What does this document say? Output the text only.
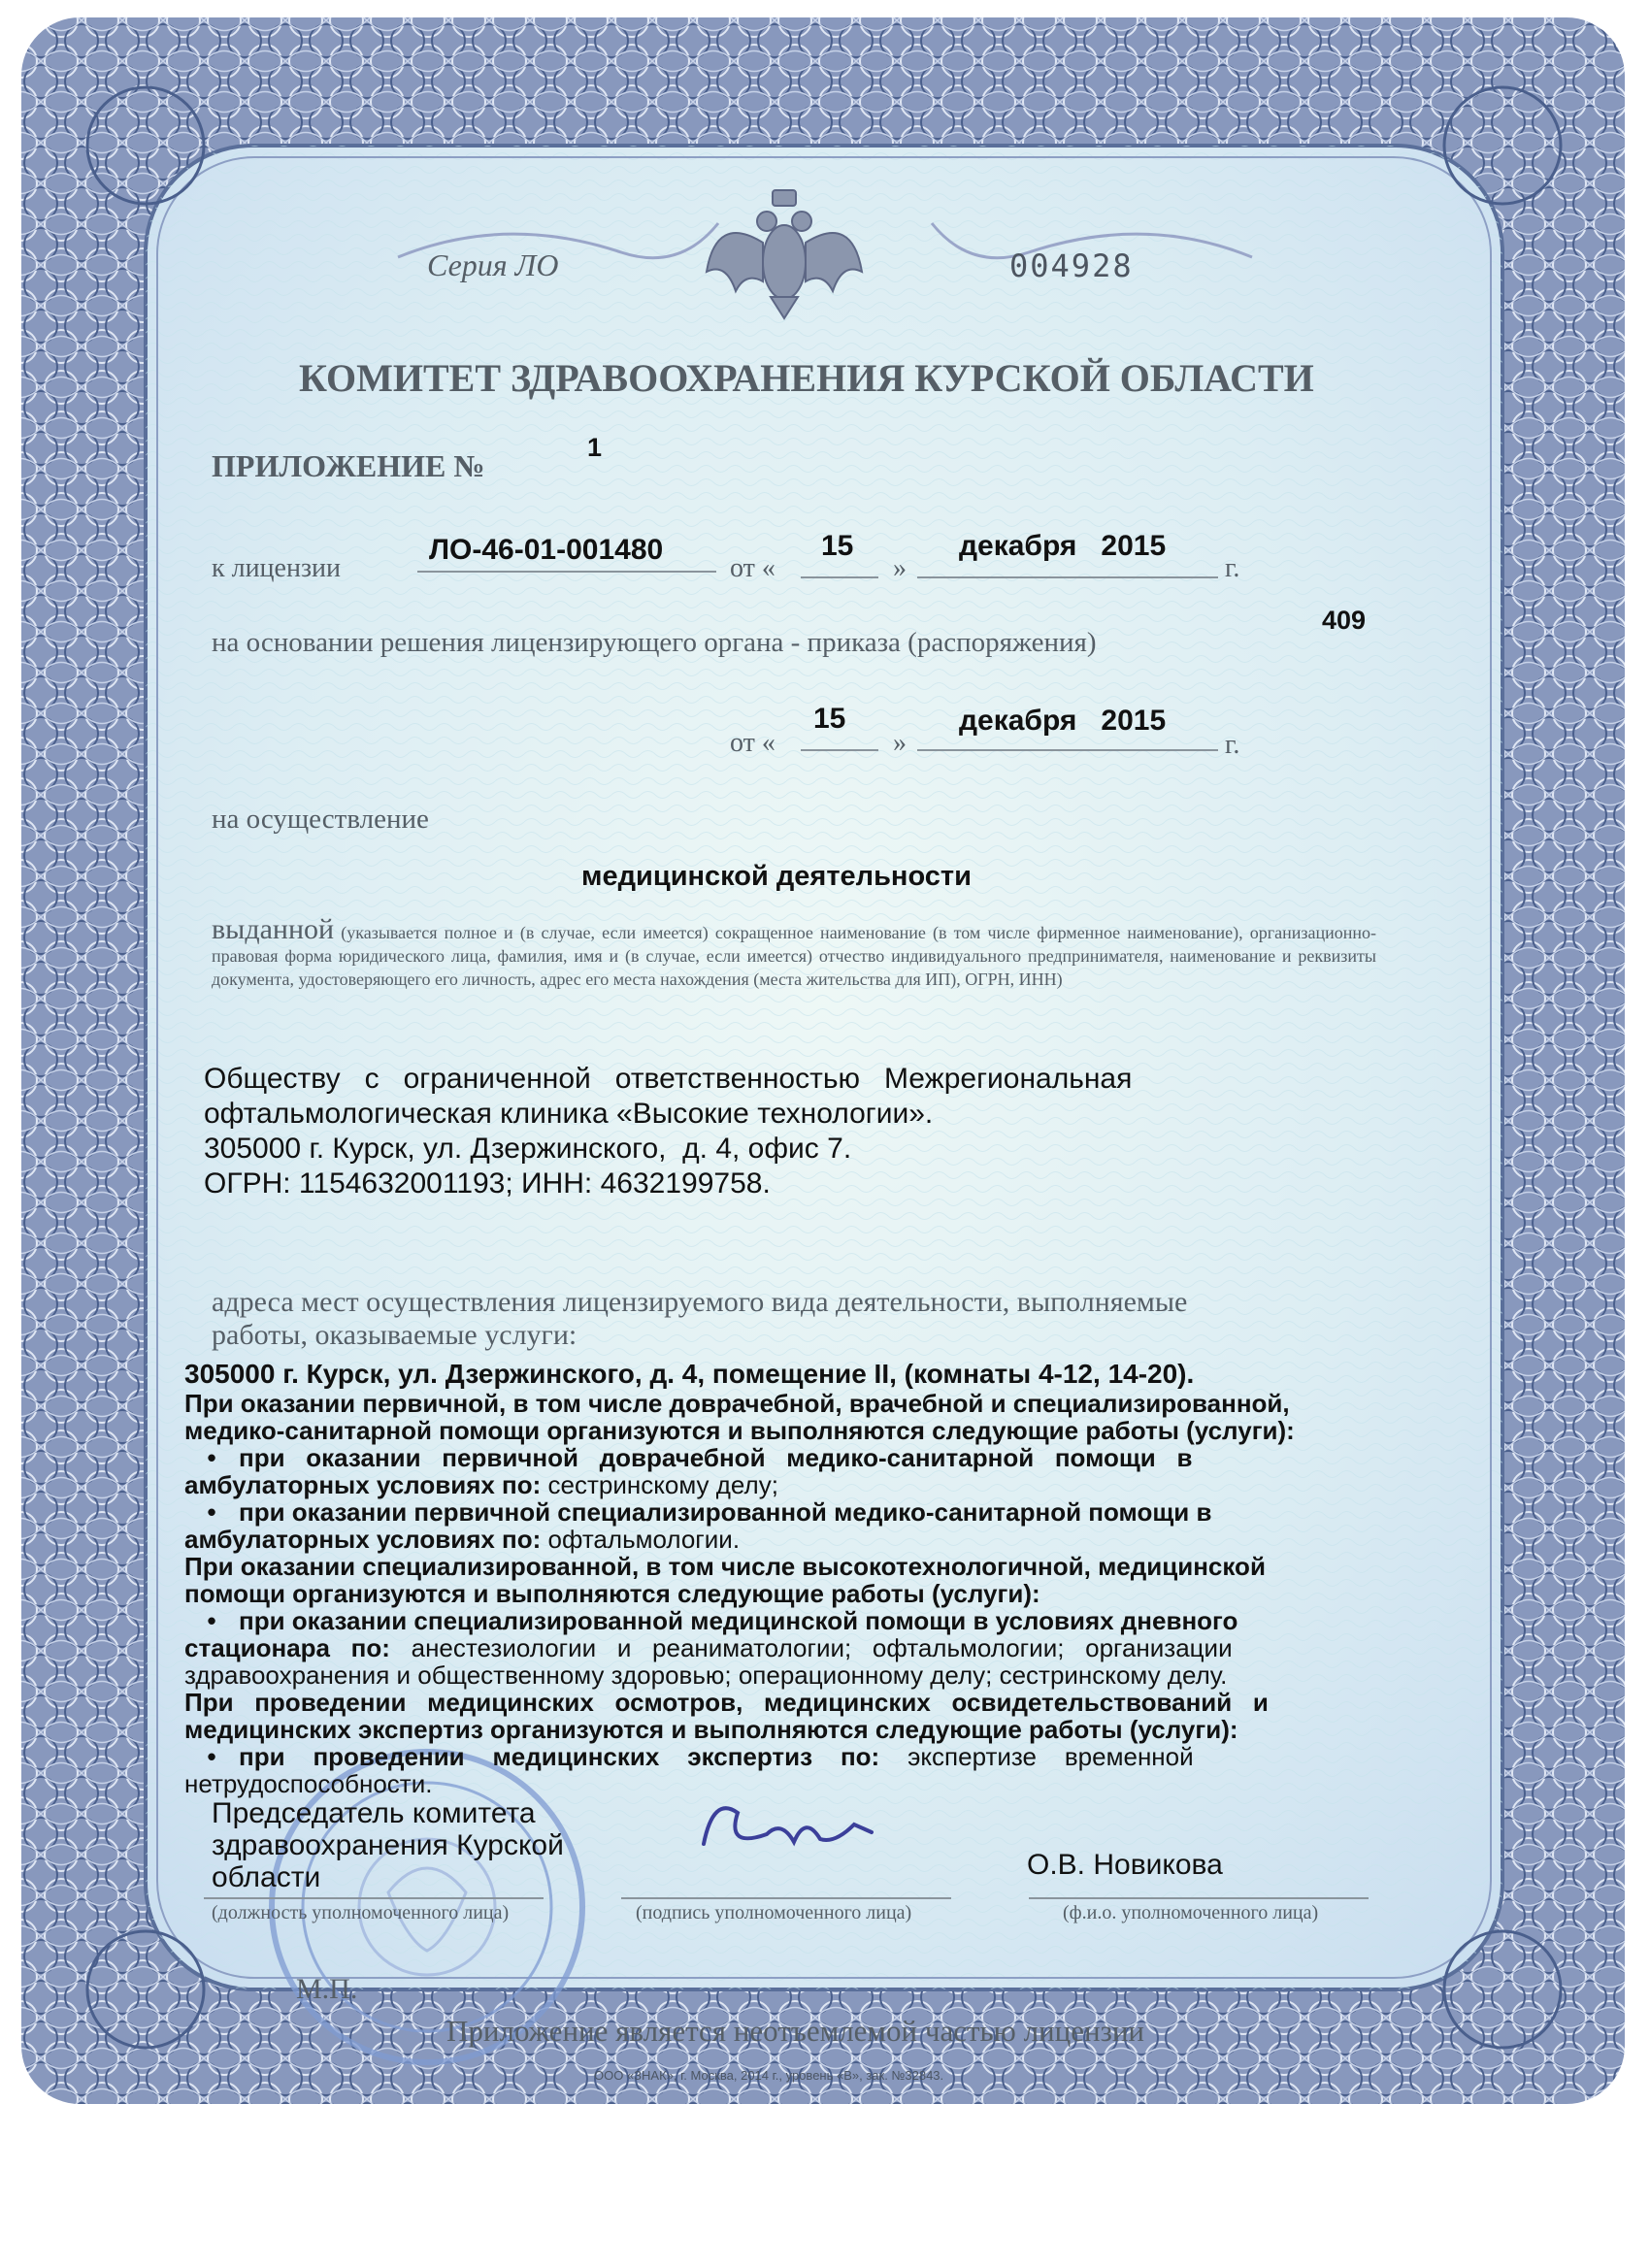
Серия ЛО	004928
КОМИТЕТ ЗДРАВООХРАНЕНИЯ КУРСКОЙ ОБЛАСТИ
ПРИЛОЖЕНИЕ №
1
к лицензии
ЛО-46-01-001480
от «
15
»
декабря   2015
г.
на основании решения лицензирующего органа - приказа (распоряжения)
409
от «
15
»
декабря   2015
г.
на осуществление
медицинской деятельности
выданной (указывается полное и (в случае, если имеется) сокращенное наименование (в том числе фирменное наименование), организационно-правовая форма юридического лица, фамилия, имя и (в случае, если имеется) отчество индивидуального предпринимателя, наименование и реквизиты документа, удостоверяющего его личность, адрес его места нахождения (места жительства для ИП), ОГРН, ИНН)
Обществу   с   ограниченной   ответственностью   Межрегиональная
офтальмологическая клиника «Высокие технологии».
305000 г. Курск, ул. Дзержинского,  д. 4, офис 7.
ОГРН: 1154632001193; ИНН: 4632199758.
адреса мест осуществления лицензируемого вида деятельности, выполняемые
работы, оказываемые услуги:
305000 г. Курск, ул. Дзержинского, д. 4, помещение II, (комнаты 4-12, 14-20).
При оказании первичной, в том числе доврачебной, врачебной и специализированной,
медико-санитарной помощи организуются и выполняются следующие работы (услуги):
• при   оказании   первичной   доврачебной   медико-санитарной   помощи   в
амбулаторных условиях по: сестринскому делу;
• при оказании первичной специализированной медико-санитарной помощи в
амбулаторных условиях по: офтальмологии.
При оказании специализированной, в том числе высокотехнологичной, медицинской
помощи организуются и выполняются следующие работы (услуги):
• при оказании специализированной медицинской помощи в условиях дневного
стационара   по:   анестезиологии   и   реаниматологии;   офтальмологии;   организации
здравоохранения и общественному здоровью; операционному делу; сестринскому делу.
При   проведении   медицинских   осмотров,   медицинских   освидетельствований   и
медицинских экспертиз организуются и выполняются следующие работы (услуги):
• при    проведении    медицинских    экспертиз    по:    экспертизе    временной
нетрудоспособности.
Председатель комитета
здравоохранения Курской
области
(должность уполномоченного лица)	(подпись уполномоченного лица)
О.В. Новикова
(ф.и.о. уполномоченного лица)
М.П.
Приложение является неотъемлемой частью лицензии
ООО «ЗНАК», г. Москва, 2014 г., уровень «В», зак. №32843.
